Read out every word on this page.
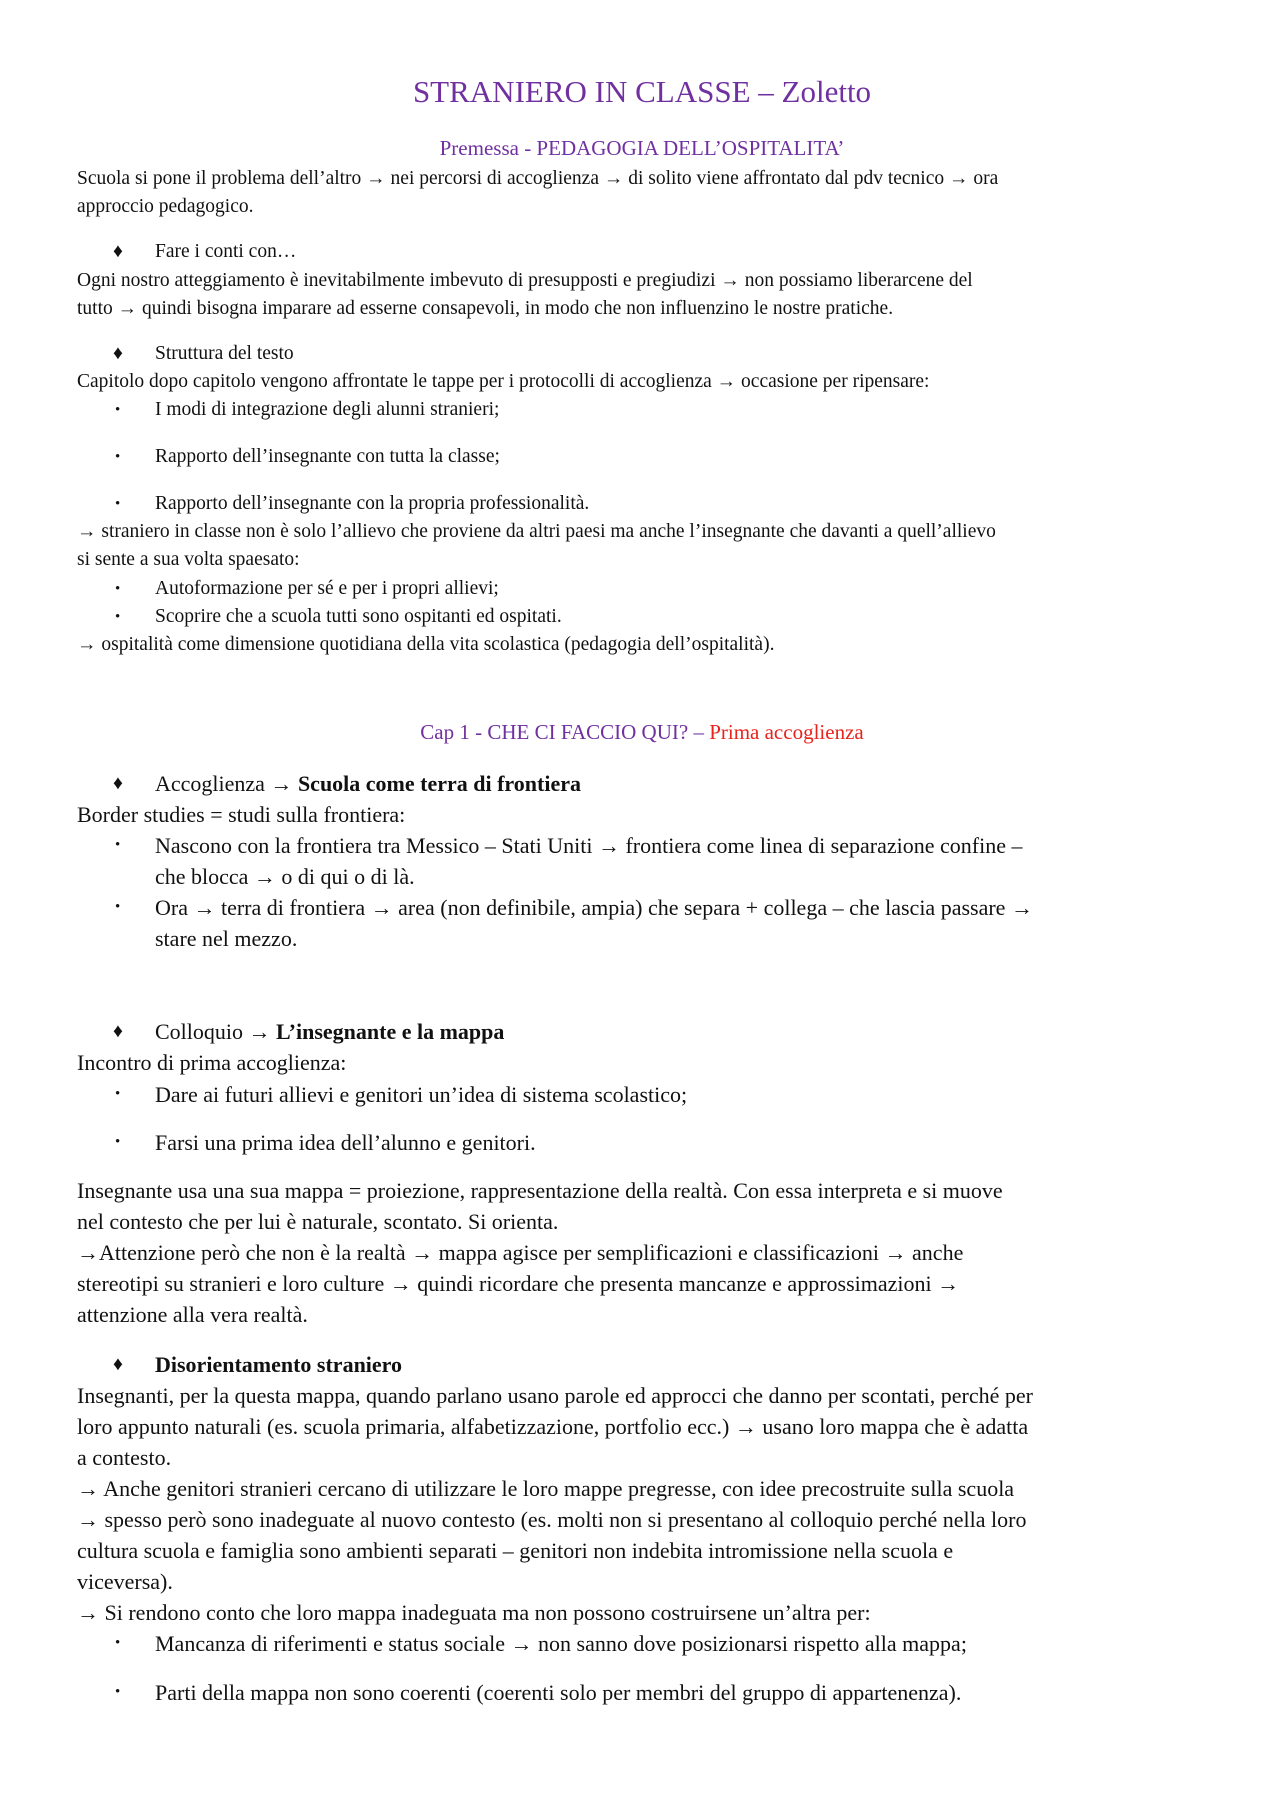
STRANIERO IN CLASSE – Zoletto
Premessa - PEDAGOGIA DELL’OSPITALITA’
Scuola si pone il problema dell’altro → nei percorsi di accoglienza → di solito viene affrontato dal pdv tecnico → ora
approccio pedagogico.
♦ Fare i conti con…
Ogni nostro atteggiamento è inevitabilmente imbevuto di presupposti e pregiudizi → non possiamo liberarcene del
tutto → quindi bisogna imparare ad esserne consapevoli, in modo che non influenzino le nostre pratiche.
♦ Struttura del testo
Capitolo dopo capitolo vengono affrontate le tappe per i protocolli di accoglienza → occasione per ripensare:
• I modi di integrazione degli alunni stranieri;
• Rapporto dell’insegnante con tutta la classe;
• Rapporto dell’insegnante con la propria professionalità.
→ straniero in classe non è solo l’allievo che proviene da altri paesi ma anche l’insegnante che davanti a quell’allievo
si sente a sua volta spaesato:
• Autoformazione per sé e per i propri allievi;
• Scoprire che a scuola tutti sono ospitanti ed ospitati.
→ ospitalità come dimensione quotidiana della vita scolastica (pedagogia dell’ospitalità).
Cap 1 - CHE CI FACCIO QUI? – Prima accoglienza
♦ Accoglienza → Scuola come terra di frontiera
Border studies = studi sulla frontiera:
• Nascono con la frontiera tra Messico – Stati Uniti → frontiera come linea di separazione confine –
che blocca → o di qui o di là.
• Ora → terra di frontiera → area (non definibile, ampia) che separa + collega – che lascia passare →
stare nel mezzo.
♦ Colloquio → L’insegnante e la mappa
Incontro di prima accoglienza:
• Dare ai futuri allievi e genitori un’idea di sistema scolastico;
• Farsi una prima idea dell’alunno e genitori.
Insegnante usa una sua mappa = proiezione, rappresentazione della realtà. Con essa interpreta e si muove
nel contesto che per lui è naturale, scontato. Si orienta.
→Attenzione però che non è la realtà → mappa agisce per semplificazioni e classificazioni → anche
stereotipi su stranieri e loro culture → quindi ricordare che presenta mancanze e approssimazioni →
attenzione alla vera realtà.
♦ Disorientamento straniero
Insegnanti, per la questa mappa, quando parlano usano parole ed approcci che danno per scontati, perché per
loro appunto naturali (es. scuola primaria, alfabetizzazione, portfolio ecc.) → usano loro mappa che è adatta
a contesto.
→ Anche genitori stranieri cercano di utilizzare le loro mappe pregresse, con idee precostruite sulla scuola
→ spesso però sono inadeguate al nuovo contesto (es. molti non si presentano al colloquio perché nella loro
cultura scuola e famiglia sono ambienti separati – genitori non indebita intromissione nella scuola e
viceversa).
→ Si rendono conto che loro mappa inadeguata ma non possono costruirsene un’altra per:
• Mancanza di riferimenti e status sociale → non sanno dove posizionarsi rispetto alla mappa;
• Parti della mappa non sono coerenti (coerenti solo per membri del gruppo di appartenenza).
